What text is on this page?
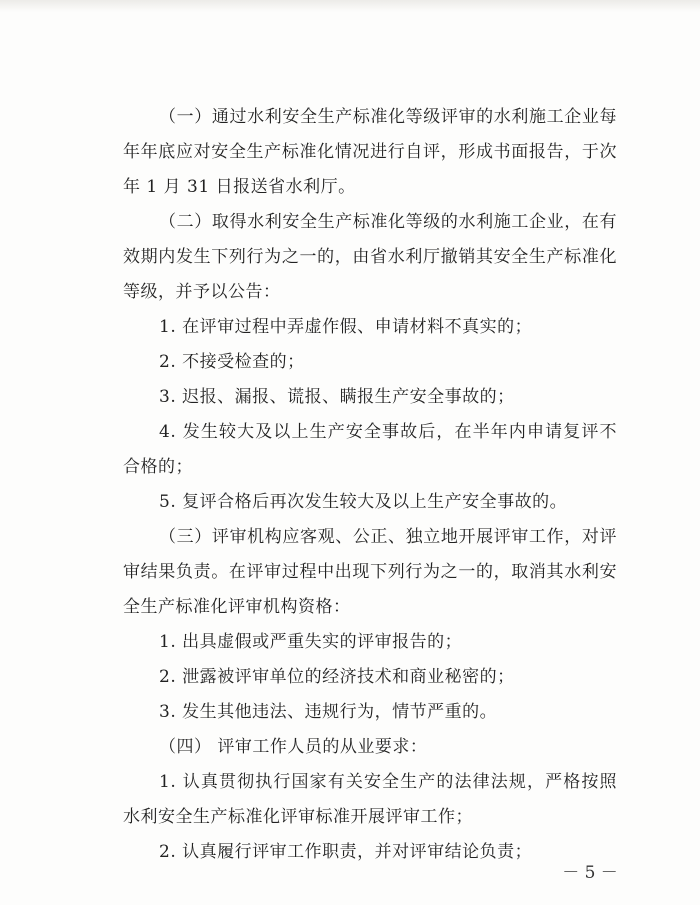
（一）通过水利安全生产标准化等级评审的水利施工企业每年年底应对安全生产标准化情况进行自评，形成书面报告，于次年 1 月 31 日报送省水利厅。

（二）取得水利安全生产标准化等级的水利施工企业，在有效期内发生下列行为之一的，由省水利厅撤销其安全生产标准化等级，并予以公告：

1. 在评审过程中弄虚作假、申请材料不真实的；

2. 不接受检查的；

3. 迟报、漏报、谎报、瞒报生产安全事故的；

4. 发生较大及以上生产安全事故后，在半年内申请复评不合格的；

5. 复评合格后再次发生较大及以上生产安全事故的。

（三）评审机构应客观、公正、独立地开展评审工作，对评审结果负责。在评审过程中出现下列行为之一的，取消其水利安全生产标准化评审机构资格：

1. 出具虚假或严重失实的评审报告的；

2. 泄露被评审单位的经济技术和商业秘密的；

3. 发生其他违法、违规行为，情节严重的。

（四） 评审工作人员的从业要求：

1. 认真贯彻执行国家有关安全生产的法律法规，严格按照水利安全生产标准化评审标准开展评审工作；

2. 认真履行评审工作职责，并对评审结论负责；

－ 5 －
